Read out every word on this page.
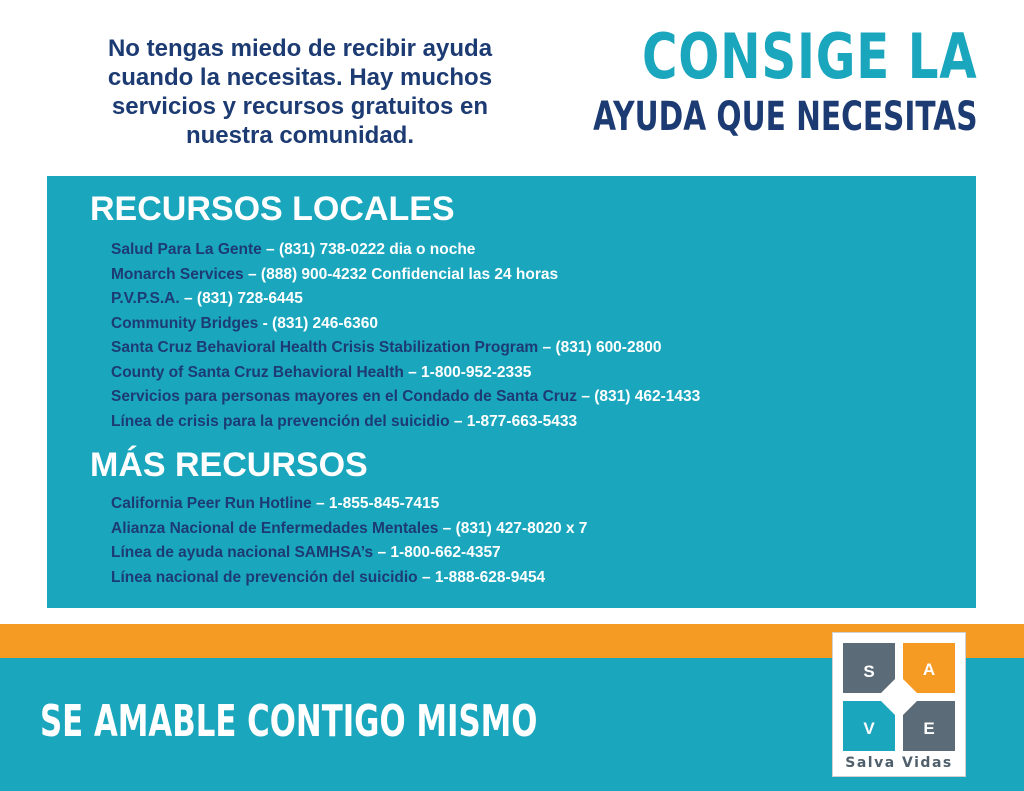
No tengas miedo de recibir ayuda
cuando la necesitas. Hay muchos
servicios y recursos gratuitos en
nuestra comunidad.

CONSIGE LA
AYUDA QUE NECESITAS
RECURSOS LOCALES
Salud Para La Gente – (831) 738-0222 dia o noche
Monarch Services – (888) 900-4232 Confidencial las 24 horas
P.V.P.S.A. – (831) 728-6445
Community Bridges - (831) 246-6360
Santa Cruz Behavioral Health Crisis Stabilization Program – (831) 600-2800
County of Santa Cruz Behavioral Health – 1-800-952-2335
Servicios para personas mayores en el Condado de Santa Cruz – (831) 462-1433
Línea de crisis para la prevención del suicidio – 1-877-663-5433
MÁS RECURSOS
California Peer Run Hotline – 1-855-845-7415
Alianza Nacional de Enfermedades Mentales – (831) 427-8020 x 7
Línea de ayuda nacional SAMHSA’s – 1-800-662-4357
Línea nacional de prevención del suicidio – 1-888-628-9454

SE AMABLE CONTIGO MISMO

S	A
V	E
Salva Vidas
